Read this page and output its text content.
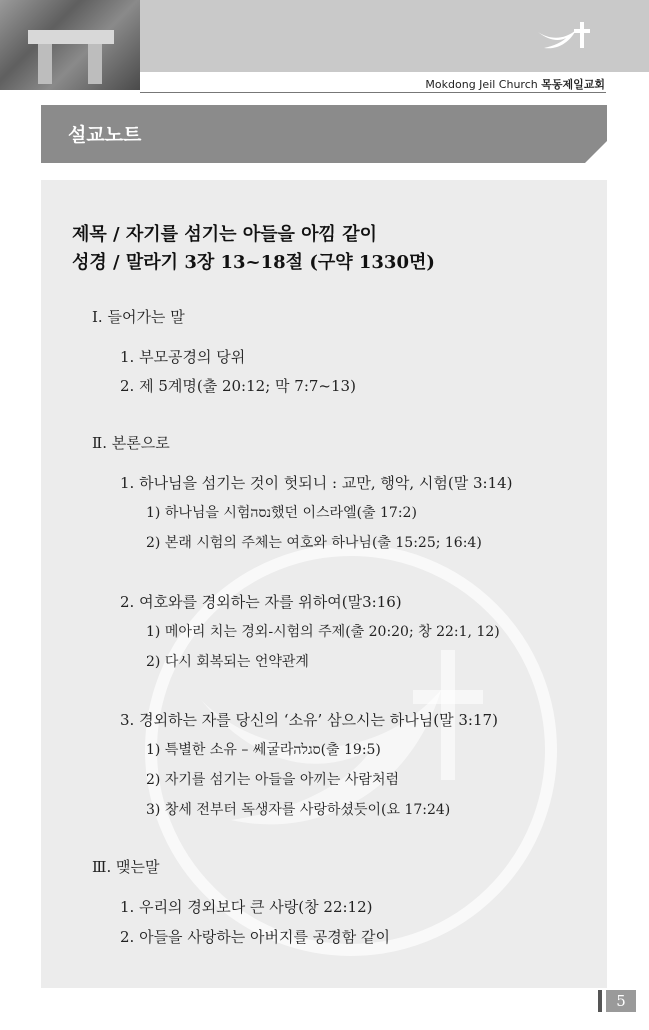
Mokdong Jeil Church 목동제일교회
설교노트
제목 / 자기를 섬기는 아들을 아낌 같이
성경 / 말라기 3장 13~18절 (구약 1330면)
Ⅰ. 들어가는 말
1. 부모공경의 당위
2. 제 5계명(출 20:12; 막 7:7~13)
Ⅱ. 본론으로
1. 하나님을 섬기는 것이 헛되니 : 교만, 행악, 시험(말 3:14)
1) 하나님을 시험נסה했던 이스라엘(출 17:2)
2) 본래 시험의 주체는 여호와 하나님(출 15:25; 16:4)
2. 여호와를 경외하는 자를 위하여(말3:16)
1) 메아리 치는 경외-시험의 주제(출 20:20; 창 22:1, 12)
2) 다시 회복되는 언약관계
3. 경외하는 자를 당신의 ‘소유’ 삼으시는 하나님(말 3:17)
1) 특별한 소유 – 쎄굴라סגלה(출 19:5)
2) 자기를 섬기는 아들을 아끼는 사람처럼
3) 창세 전부터 독생자를 사랑하셨듯이(요 17:24)
Ⅲ. 맺는말
1. 우리의 경외보다 큰 사랑(창 22:12)
2. 아들을 사랑하는 아버지를 공경함 같이
5
